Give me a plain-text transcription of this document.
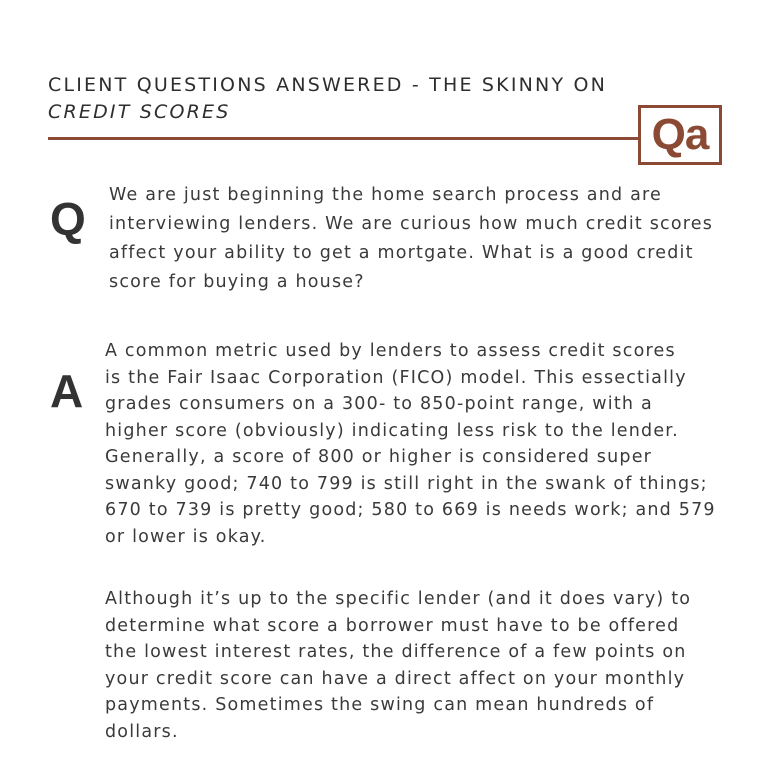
CLIENT QUESTIONS ANSWERED - THE SKINNY ON
CREDIT SCORES	Qa
Q We are just beginning the home search process and are
interviewing lenders. We are curious how much credit scores
affect your ability to get a mortgate. What is a good credit
score for buying a house?

A

A common metric used by lenders to assess credit scores
is the Fair Isaac Corporation (FICO) model. This essectially
grades consumers on a 300- to 850-point range, with a
higher score (obviously) indicating less risk to the lender.
Generally, a score of 800 or higher is considered super
swanky good; 740 to 799 is still right in the swank of things;
670 to 739 is pretty good; 580 to 669 is needs work; and 579
or lower is okay.

Although it’s up to the specific lender (and it does vary) to
determine what score a borrower must have to be offered
the lowest interest rates, the difference of a few points on
your credit score can have a direct affect on your monthly
payments. Sometimes the swing can mean hundreds of
dollars.
